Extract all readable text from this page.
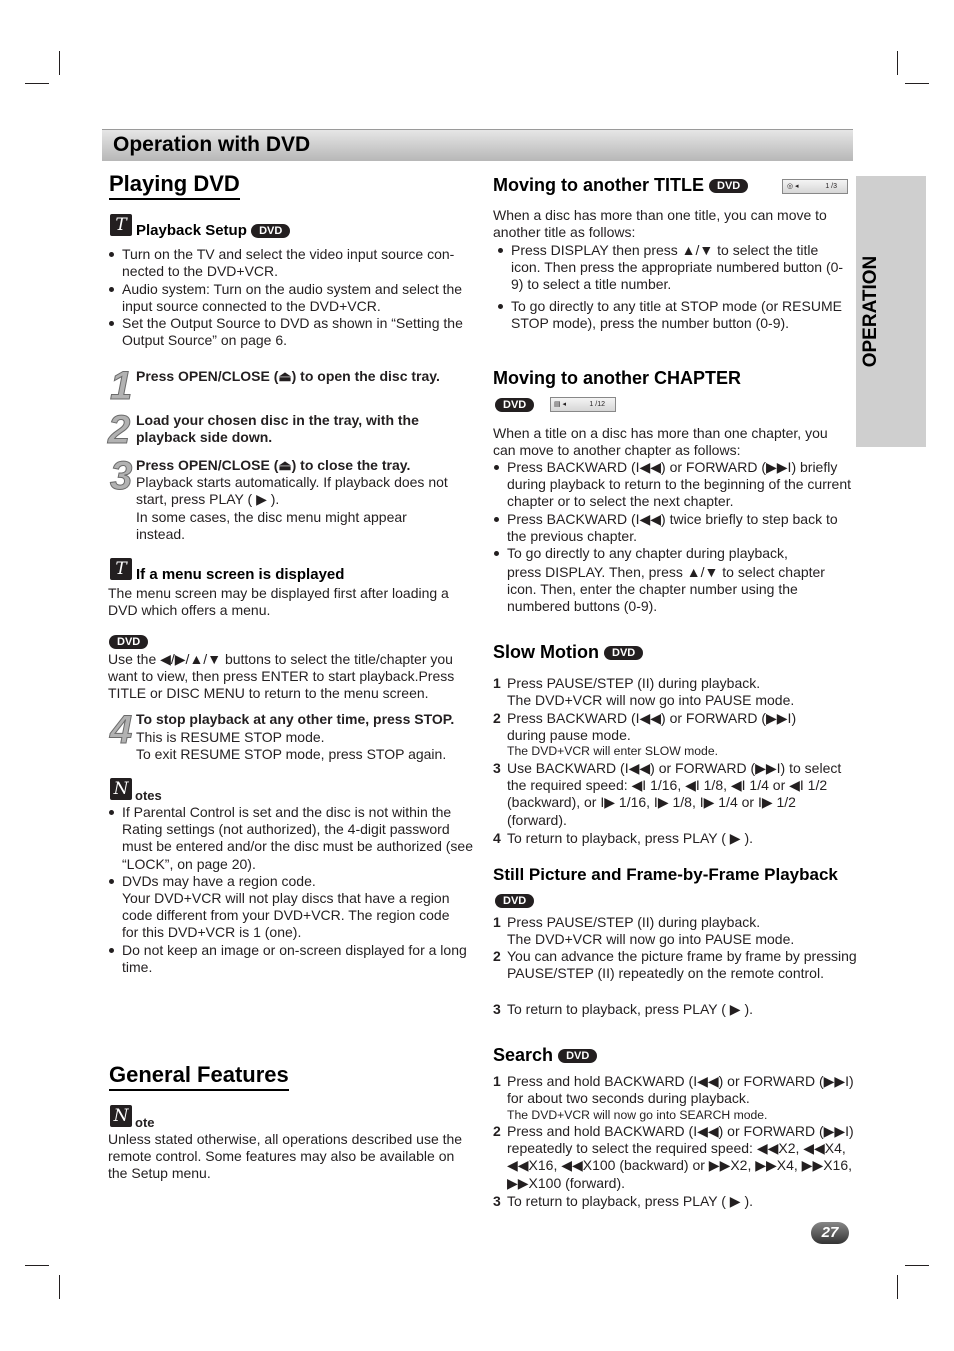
Operation with DVD
OPERATION
Playing DVD
T Playback Setup DVD
Turn on the TV and select the video input source con- nected to the DVD+VCR.
Audio system: Turn on the audio system and select the input source connected to the DVD+VCR.
Set the Output Source to DVD as shown in “Setting the Output Source” on page 6.
1 Press OPEN/CLOSE (⏏) to open the disc tray.
2 Load your chosen disc in the tray, with the playback side down.
3 Press OPEN/CLOSE (⏏) to close the tray.
Playback starts automatically. If playback does not start, press PLAY ( ▶ ).
In some cases, the disc menu might appear instead.
T If a menu screen is displayed
The menu screen may be displayed first after loading a DVD which offers a menu.
DVD
Use the ◀/▶/▲/▼ buttons to select the title/chapter you want to view, then press ENTER to start playback.Press TITLE or DISC MENU to return to the menu screen.
4 To stop playback at any other time, press STOP.
This is RESUME STOP mode.
To exit RESUME STOP mode, press STOP again.
N otes
If Parental Control is set and the disc is not within the Rating settings (not authorized), the 4-digit password must be entered and/or the disc must be authorized (see “LOCK”, on page 20).
DVDs may have a region code.
Your DVD+VCR will not play discs that have a region code different from your DVD+VCR. The region code for this DVD+VCR is 1 (one).
Do not keep an image or on-screen displayed for a long time.
General Features
N ote
Unless stated otherwise, all operations described use the remote control. Some features may also be available on the Setup menu.
Moving to another TITLE DVD	◎ ◂	1 /3
When a disc has more than one title, you can move to another title as follows:
Press DISPLAY then press ▲/▼ to select the title icon. Then press the appropriate numbered button (0-9) to select a title number.
To go directly to any title at STOP mode (or RESUME STOP mode), press the number button (0-9).
Moving to another CHAPTER
DVD	▤ ◂	1 /12
When a title on a disc has more than one chapter, you can move to another chapter as follows:
Press BACKWARD (I◀◀) or FORWARD (▶▶I) briefly during playback to return to the beginning of the current chapter or to select the next chapter.
Press BACKWARD (I◀◀) twice briefly to step back to the previous chapter.
To go directly to any chapter during playback,
press DISPLAY. Then, press ▲/▼ to select chapter icon. Then, enter the chapter number using the numbered buttons (0-9).
Slow Motion DVD
1 Press PAUSE/STEP (II) during playback.
The DVD+VCR will now go into PAUSE mode.
2 Press BACKWARD (I◀◀) or FORWARD (▶▶I) during pause mode.
The DVD+VCR will enter SLOW mode.
3 Use BACKWARD (I◀◀) or FORWARD (▶▶I) to select the required speed: ◀I 1/16, ◀I 1/8, ◀I 1/4 or ◀I 1/2 (backward), or I▶ 1/16, I▶ 1/8, I▶ 1/4 or I▶ 1/2 (forward).
4 To return to playback, press PLAY ( ▶ ).
Still Picture and Frame-by-Frame Playback
DVD
1 Press PAUSE/STEP (II) during playback.
The DVD+VCR will now go into PAUSE mode.
2 You can advance the picture frame by frame by pressing PAUSE/STEP (II) repeatedly on the remote control.
3 To return to playback, press PLAY ( ▶ ).
Search DVD
1 Press and hold BACKWARD (I◀◀) or FORWARD (▶▶I) for about two seconds during playback.
The DVD+VCR will now go into SEARCH mode.
2 Press and hold BACKWARD (I◀◀) or FORWARD (▶▶I) repeatedly to select the required speed: ◀◀X2, ◀◀X4, ◀◀X16, ◀◀X100 (backward) or ▶▶X2, ▶▶X4, ▶▶X16, ▶▶X100 (forward).
3 To return to playback, press PLAY ( ▶ ).
27
